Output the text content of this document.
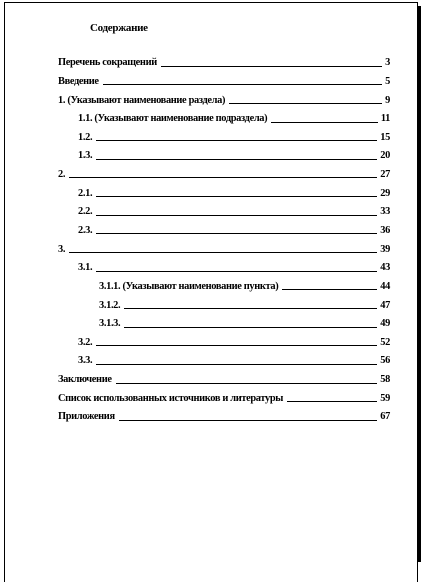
Содержание
Перечень сокращений	3
Введение	5
1. (Указывают наименование раздела)	9
1.1. (Указывают наименование подраздела)	11
1.2.	15
1.3.	20
2.	27
2.1.	29
2.2.	33
2.3.	36
3.	39
3.1.	43
3.1.1. (Указывают наименование пункта)	44
3.1.2.	47
3.1.3.	49
3.2.	52
3.3.	56
Заключение	58
Список использованных источников и литературы	59
Приложения	67
